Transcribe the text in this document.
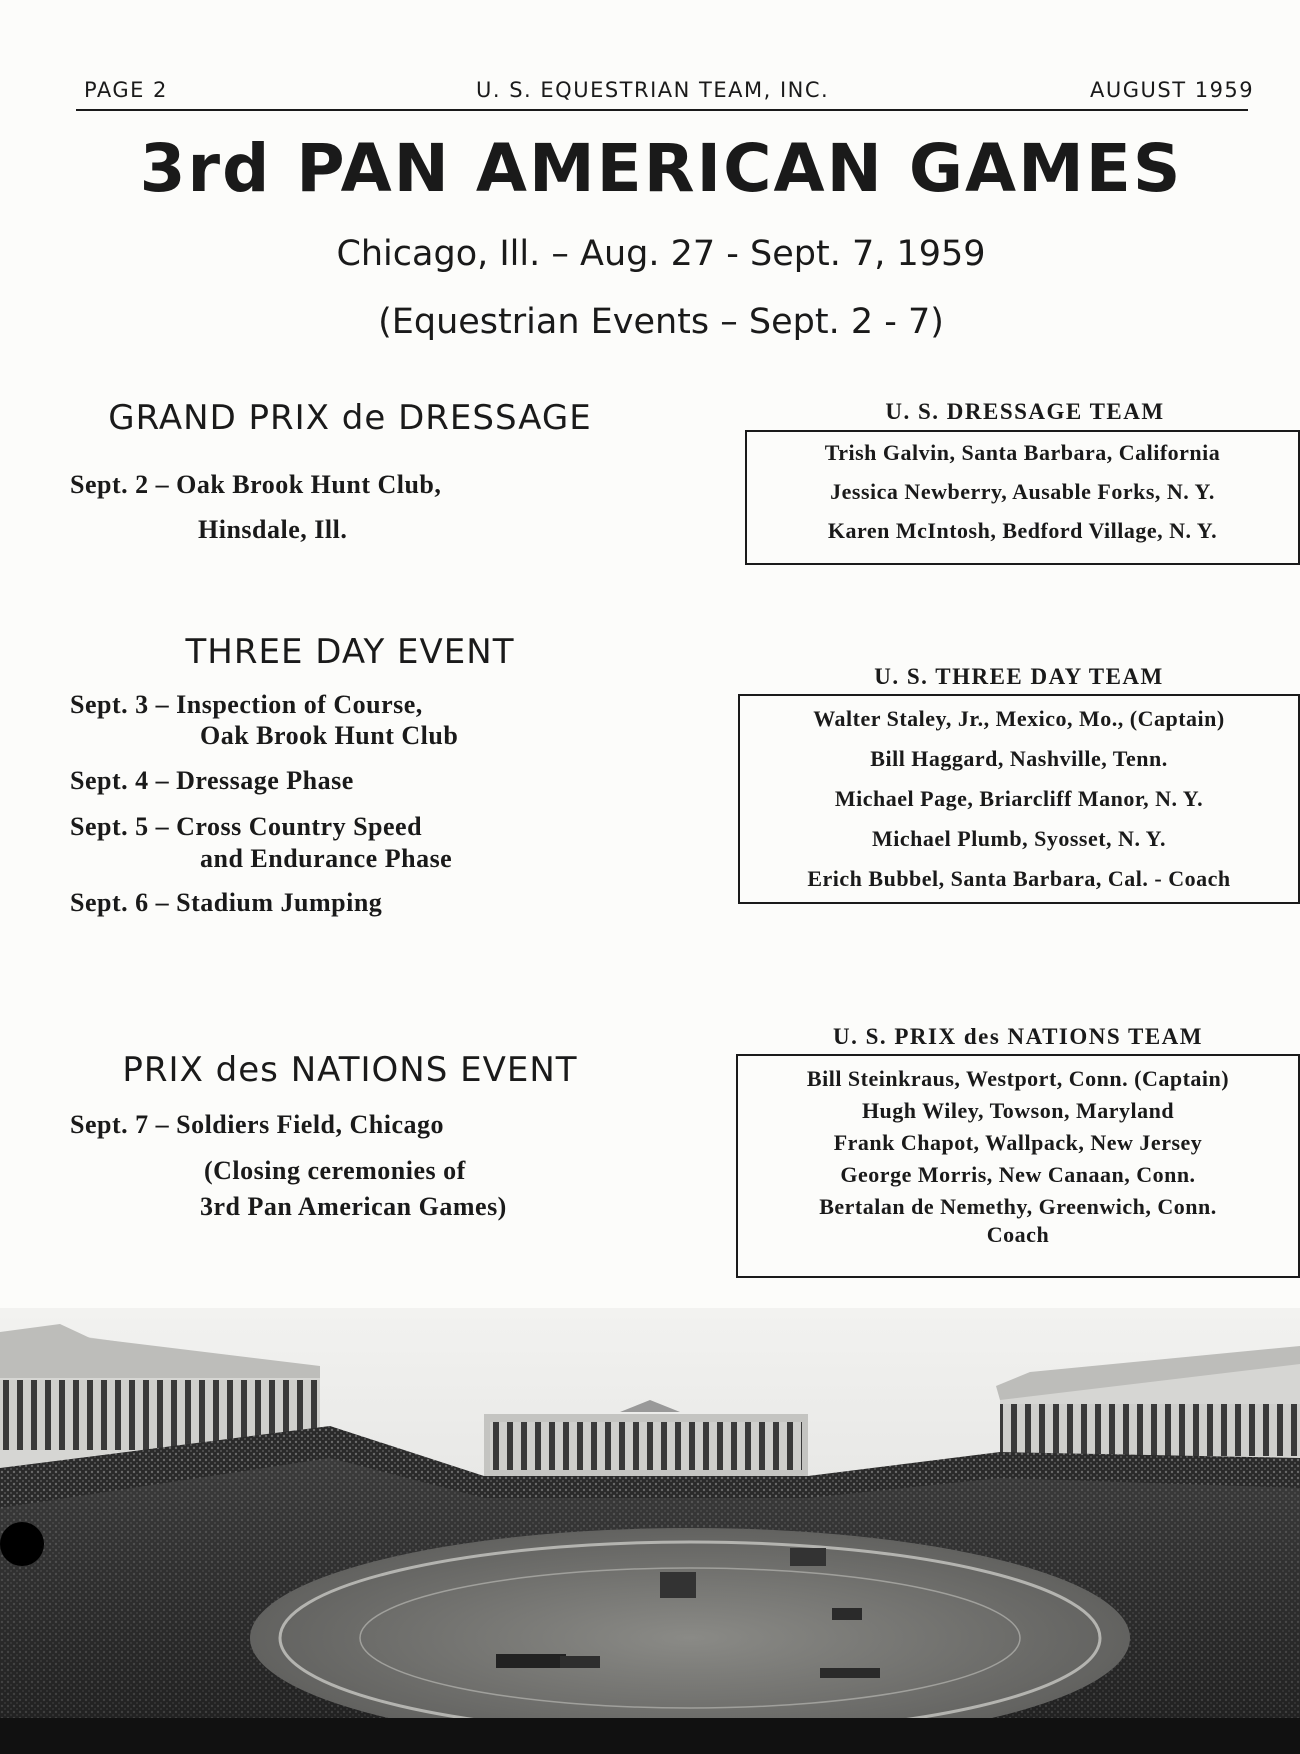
PAGE 2	U. S. EQUESTRIAN TEAM, INC.	AUGUST 1959
3rd PAN AMERICAN GAMES
Chicago, Ill. – Aug. 27 - Sept. 7, 1959
(Equestrian Events – Sept. 2 - 7)
GRAND PRIX de DRESSAGE
Sept. 2 – Oak Brook Hunt Club,
Hinsdale, Ill.
U. S. DRESSAGE TEAM
Trish Galvin, Santa Barbara, California
Jessica Newberry, Ausable Forks, N. Y.
Karen McIntosh, Bedford Village, N. Y.
THREE DAY EVENT
Sept. 3 – Inspection of Course,
Oak Brook Hunt Club
Sept. 4 – Dressage Phase
Sept. 5 – Cross Country Speed
and Endurance Phase
Sept. 6 – Stadium Jumping
U. S. THREE DAY TEAM
Walter Staley, Jr., Mexico, Mo., (Captain)
Bill Haggard, Nashville, Tenn.
Michael Page, Briarcliff Manor, N. Y.
Michael Plumb, Syosset, N. Y.
Erich Bubbel, Santa Barbara, Cal. - Coach
PRIX des NATIONS EVENT
Sept. 7 – Soldiers Field, Chicago
(Closing ceremonies of
3rd Pan American Games)
U. S. PRIX des NATIONS TEAM
Bill Steinkraus, Westport, Conn. (Captain)
Hugh Wiley, Towson, Maryland
Frank Chapot, Wallpack, New Jersey
George Morris, New Canaan, Conn.
Bertalan de Nemethy, Greenwich, Conn.
Coach
